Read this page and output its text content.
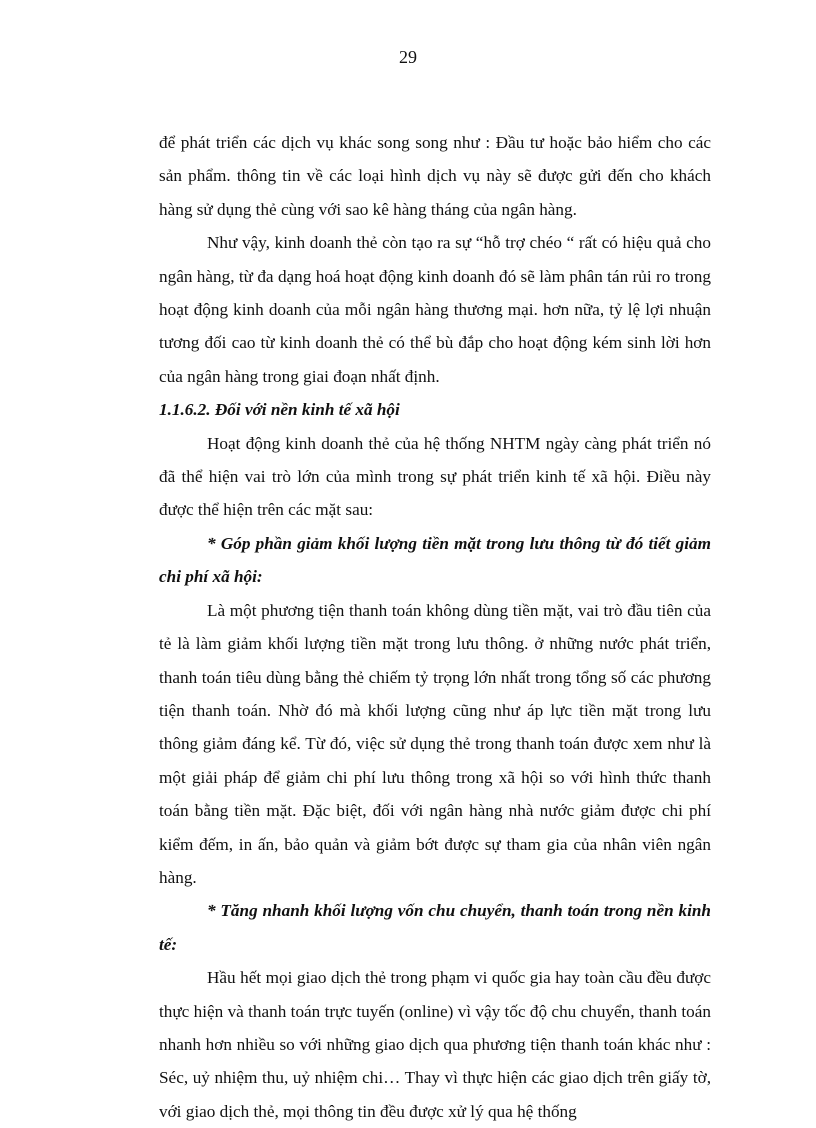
29

để phát triển các dịch vụ khác song song như : Đầu tư hoặc bảo hiểm cho các sản phẩm. thông tin về các loại hình dịch vụ này sẽ được gửi đến cho khách hàng sử dụng thẻ cùng với sao kê hàng tháng của ngân hàng.

Như vậy, kinh doanh thẻ còn tạo ra sự “hỗ trợ chéo “ rất có hiệu quả cho ngân hàng, từ đa dạng hoá hoạt động kinh doanh đó sẽ làm phân tán rủi ro trong hoạt động kinh doanh của mỗi ngân hàng thương mại. hơn nữa, tỷ lệ lợi nhuận tương đối cao từ kinh doanh thẻ có thể bù đắp cho hoạt động kém sinh lời hơn của ngân hàng trong giai đoạn nhất định.

1.1.6.2. Đối với nền kinh tế xã hội

Hoạt động kinh doanh thẻ của hệ thống NHTM ngày càng phát triển nó đã thể hiện vai trò lớn của mình trong sự phát triển kinh tế xã hội. Điều này được thể hiện trên các mặt sau:

* Góp phần giảm khối lượng tiền mặt trong lưu thông từ đó tiết giảm chi phí xã hội:

Là một phương tiện thanh toán không dùng tiền mặt, vai trò đầu tiên của tẻ là làm giảm khối lượng tiền mặt trong lưu thông. ở những nước phát triển, thanh toán tiêu dùng bằng thẻ chiếm tỷ trọng lớn nhất trong tổng số các phương tiện thanh toán. Nhờ đó mà khối lượng cũng như áp lực tiền mặt trong lưu thông giảm đáng kể. Từ đó, việc sử dụng thẻ trong thanh toán được xem như là một giải pháp để giảm chi phí lưu thông trong xã hội so với hình thức thanh toán bằng tiền mặt. Đặc biệt, đối với ngân hàng nhà nước giảm được chi phí kiểm đếm, in ấn, bảo quản và giảm bớt được sự tham gia của nhân viên ngân hàng.

* Tăng nhanh khối lượng vốn chu chuyển, thanh toán trong nền kinh tế:

Hầu hết mọi giao dịch thẻ trong phạm vi quốc gia hay toàn cầu đều được thực hiện và thanh toán trực tuyến (online) vì vậy tốc độ chu chuyển, thanh toán nhanh hơn nhiều so với những giao dịch qua phương tiện thanh toán khác như : Séc, uỷ nhiệm thu, uỷ nhiệm chi… Thay vì thực hiện các giao dịch trên giấy tờ, với giao dịch thẻ, mọi thông tin đều được xử lý qua hệ thống
